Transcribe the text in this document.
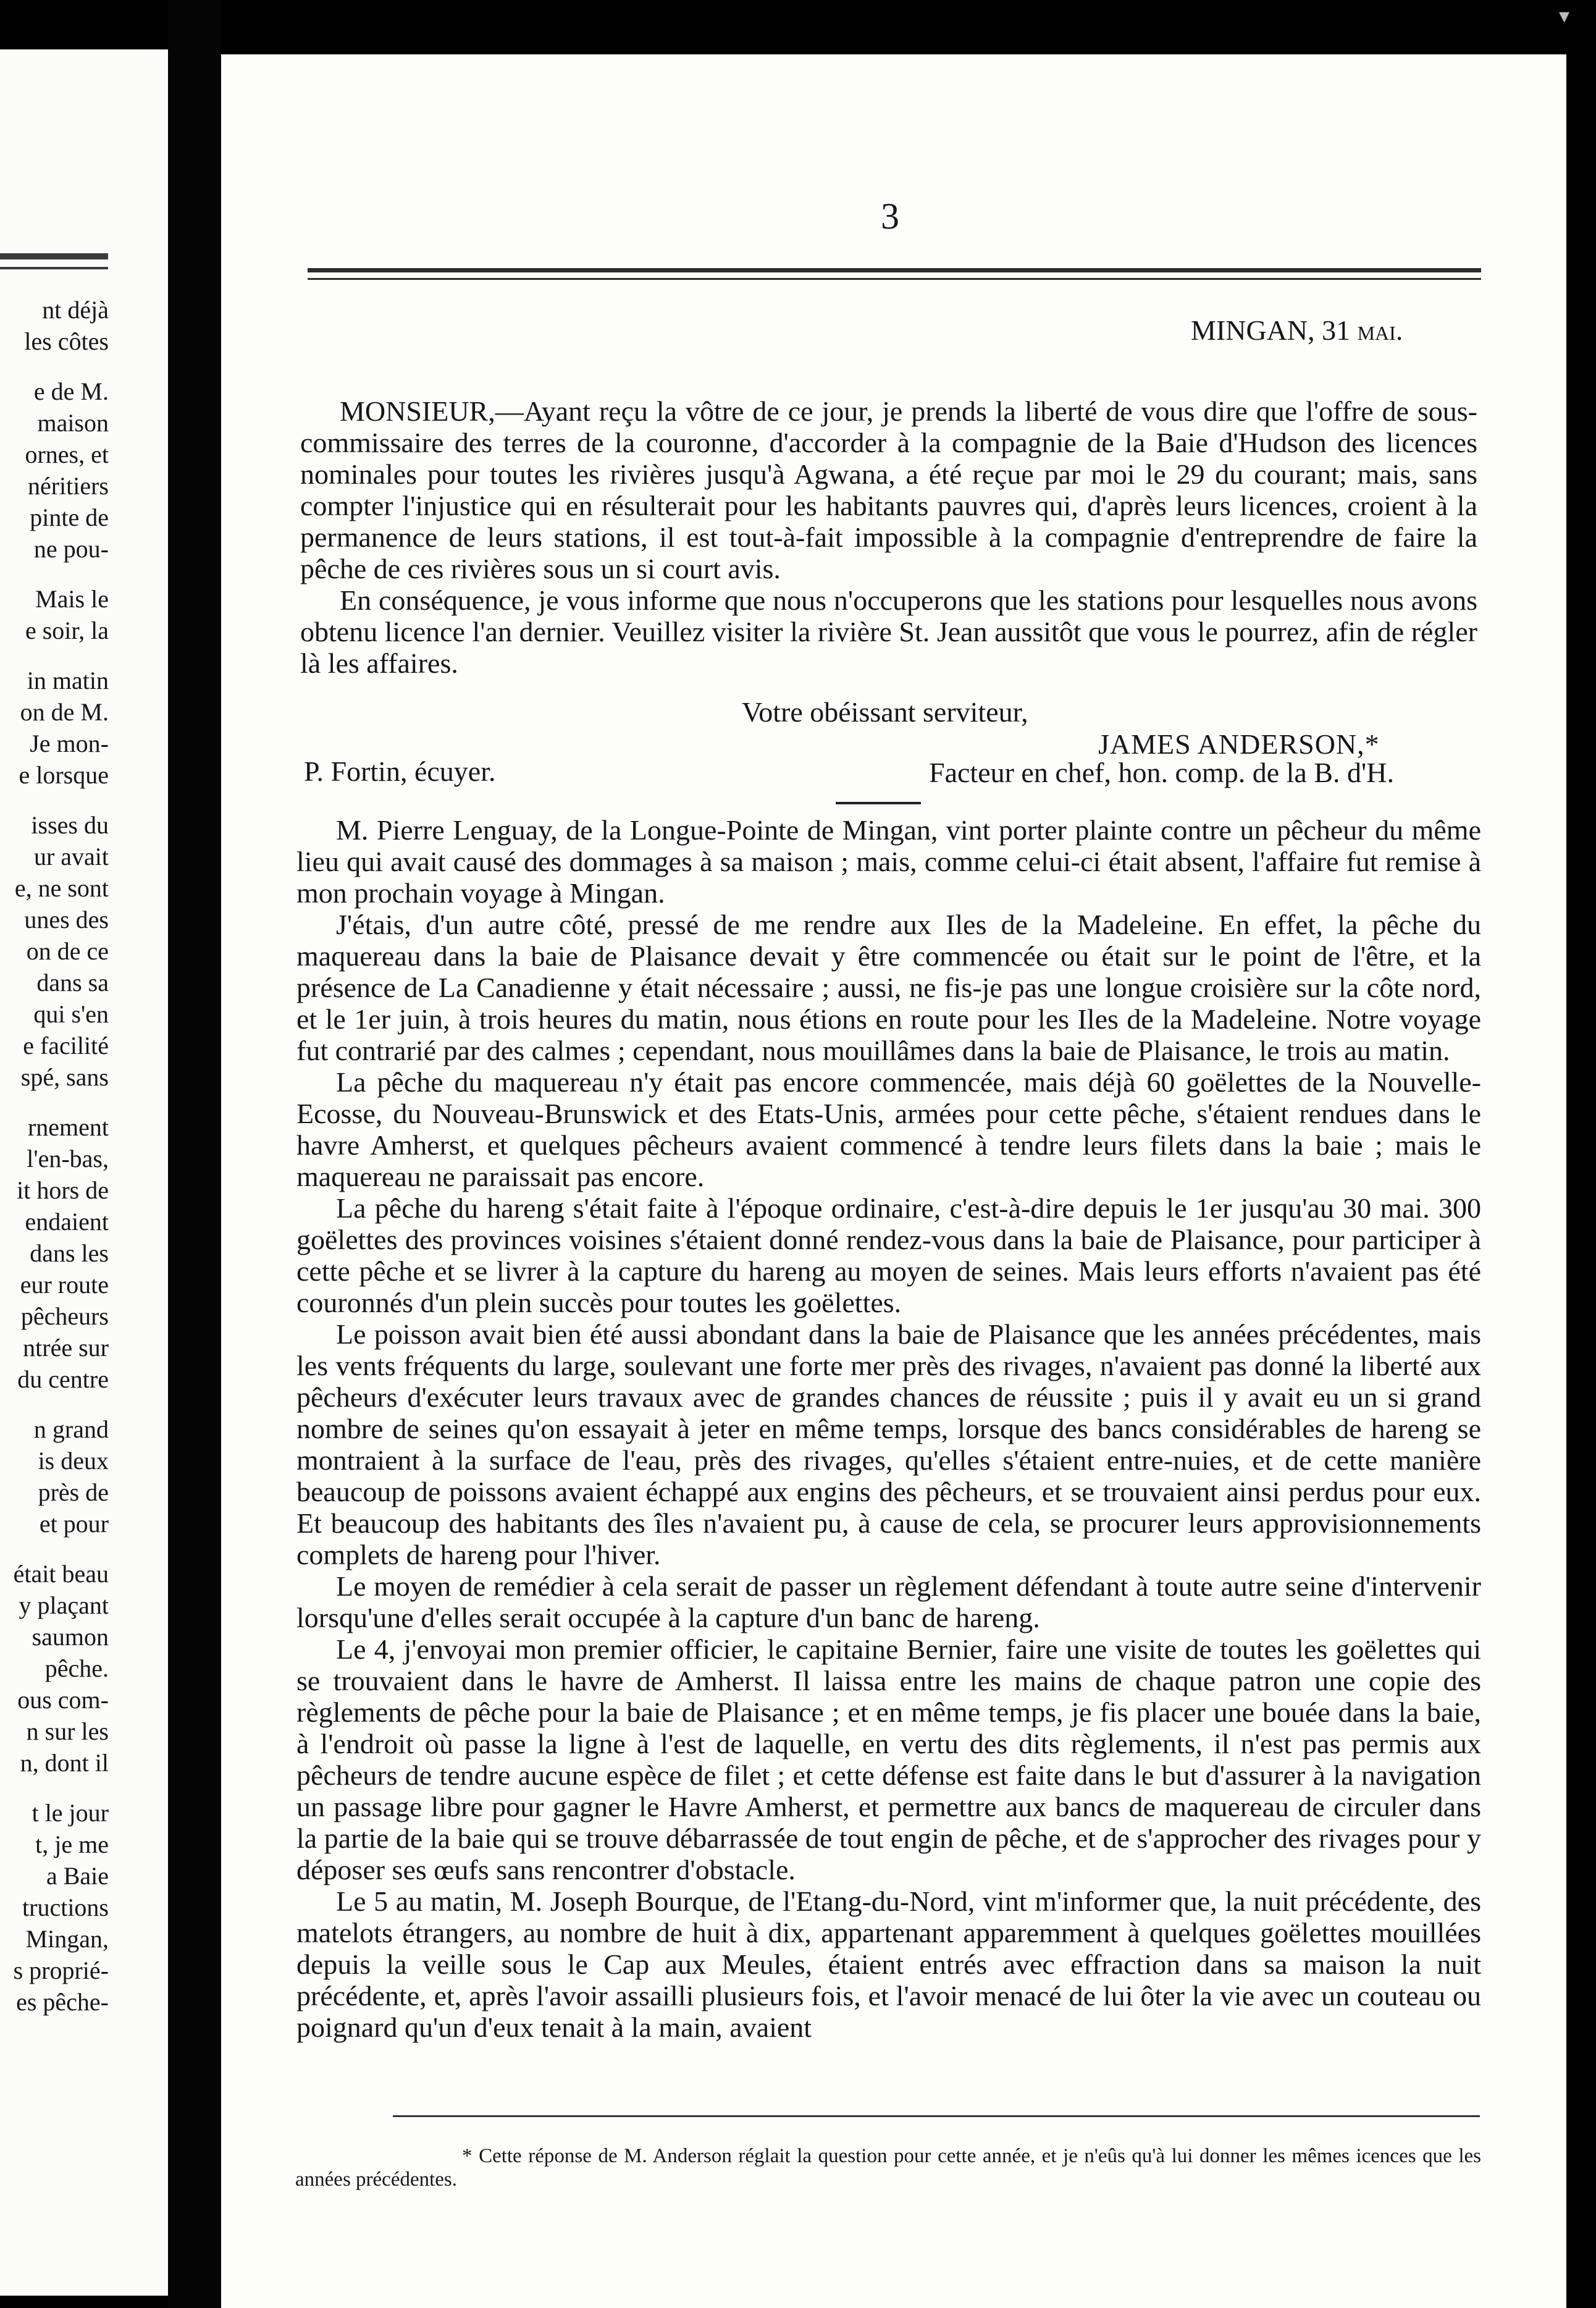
nt déjà
les côtes
e de M.
maison
ornes, et
néritiers
pinte de
ne pou-
Mais le
e soir, la
in matin
on de M.
Je mon-
e lorsque
isses du
ur avait
e, ne sont
unes des
on de ce
dans sa
qui s'en
e facilité
spé, sans
rnement
l'en-bas,
it hors de
endaient
dans les
eur route
pêcheurs
ntrée sur
du centre
n grand
is deux
près de
et pour
était beau
y plaçant
saumon
pêche.
ous com-
n sur les
n, dont il
t le jour
t, je me
a Baie
tructions
Mingan,
s proprié-
es pêche-
▾
3
MINGAN, 31 mai.

MONSIEUR,—Ayant reçu la vôtre de ce jour, je prends la liberté de vous dire que l'offre de sous-commissaire des terres de la couronne, d'accorder à la compagnie de la Baie d'Hudson des licences nominales pour toutes les rivières jusqu'à Agwana, a été reçue par moi le 29 du courant; mais, sans compter l'injustice qui en résulterait pour les habitants pauvres qui, d'après leurs licences, croient à la permanence de leurs stations, il est tout-à-fait impossible à la compagnie d'entreprendre de faire la pêche de ces rivières sous un si court avis.

En conséquence, je vous informe que nous n'occuperons que les stations pour lesquelles nous avons obtenu licence l'an dernier. Veuillez visiter la rivière St. Jean aussitôt que vous le pourrez, afin de régler là les affaires.

Votre obéissant serviteur,
JAMES ANDERSON,*
P. Fortin, écuyer.	Facteur en chef, hon. comp. de la B. d'H.

M. Pierre Lenguay, de la Longue-Pointe de Mingan, vint porter plainte contre un pêcheur du même lieu qui avait causé des dommages à sa maison ; mais, comme celui-ci était absent, l'affaire fut remise à mon prochain voyage à Mingan.

J'étais, d'un autre côté, pressé de me rendre aux Iles de la Madeleine. En effet, la pêche du maquereau dans la baie de Plaisance devait y être commencée ou était sur le point de l'être, et la présence de La Canadienne y était nécessaire ; aussi, ne fis-je pas une longue croisière sur la côte nord, et le 1er juin, à trois heures du matin, nous étions en route pour les Iles de la Madeleine. Notre voyage fut contrarié par des calmes ; cependant, nous mouillâmes dans la baie de Plaisance, le trois au matin.

La pêche du maquereau n'y était pas encore commencée, mais déjà 60 goëlettes de la Nouvelle-Ecosse, du Nouveau-Brunswick et des Etats-Unis, armées pour cette pêche, s'étaient rendues dans le havre Amherst, et quelques pêcheurs avaient commencé à tendre leurs filets dans la baie ; mais le maquereau ne paraissait pas encore.

La pêche du hareng s'était faite à l'époque ordinaire, c'est-à-dire depuis le 1er jusqu'au 30 mai. 300 goëlettes des provinces voisines s'étaient donné rendez-vous dans la baie de Plaisance, pour participer à cette pêche et se livrer à la capture du hareng au moyen de seines. Mais leurs efforts n'avaient pas été couronnés d'un plein succès pour toutes les goëlettes.

Le poisson avait bien été aussi abondant dans la baie de Plaisance que les années précédentes, mais les vents fréquents du large, soulevant une forte mer près des rivages, n'avaient pas donné la liberté aux pêcheurs d'exécuter leurs travaux avec de grandes chances de réussite ; puis il y avait eu un si grand nombre de seines qu'on essayait à jeter en même temps, lorsque des bancs considérables de hareng se montraient à la surface de l'eau, près des rivages, qu'elles s'étaient entre-nuies, et de cette manière beaucoup de poissons avaient échappé aux engins des pêcheurs, et se trouvaient ainsi perdus pour eux. Et beaucoup des habitants des îles n'avaient pu, à cause de cela, se procurer leurs approvisionnements complets de hareng pour l'hiver.

Le moyen de remédier à cela serait de passer un règlement défendant à toute autre seine d'intervenir lorsqu'une d'elles serait occupée à la capture d'un banc de hareng.

Le 4, j'envoyai mon premier officier, le capitaine Bernier, faire une visite de toutes les goëlettes qui se trouvaient dans le havre de Amherst. Il laissa entre les mains de chaque patron une copie des règlements de pêche pour la baie de Plaisance ; et en même temps, je fis placer une bouée dans la baie, à l'endroit où passe la ligne à l'est de laquelle, en vertu des dits règlements, il n'est pas permis aux pêcheurs de tendre aucune espèce de filet ; et cette défense est faite dans le but d'assurer à la navigation un passage libre pour gagner le Havre Amherst, et permettre aux bancs de maquereau de circuler dans la partie de la baie qui se trouve débarrassée de tout engin de pêche, et de s'approcher des rivages pour y déposer ses œufs sans rencontrer d'obstacle.

Le 5 au matin, M. Joseph Bourque, de l'Etang-du-Nord, vint m'informer que, la nuit précédente, des matelots étrangers, au nombre de huit à dix, appartenant apparemment à quelques goëlettes mouillées depuis la veille sous le Cap aux Meules, étaient entrés avec effraction dans sa maison la nuit précédente, et, après l'avoir assailli plusieurs fois, et l'avoir menacé de lui ôter la vie avec un couteau ou poignard qu'un d'eux tenait à la main, avaient

* Cette réponse de M. Anderson réglait la question pour cette année, et je n'eûs qu'à lui donner les mêmes icences que les années précédentes.
